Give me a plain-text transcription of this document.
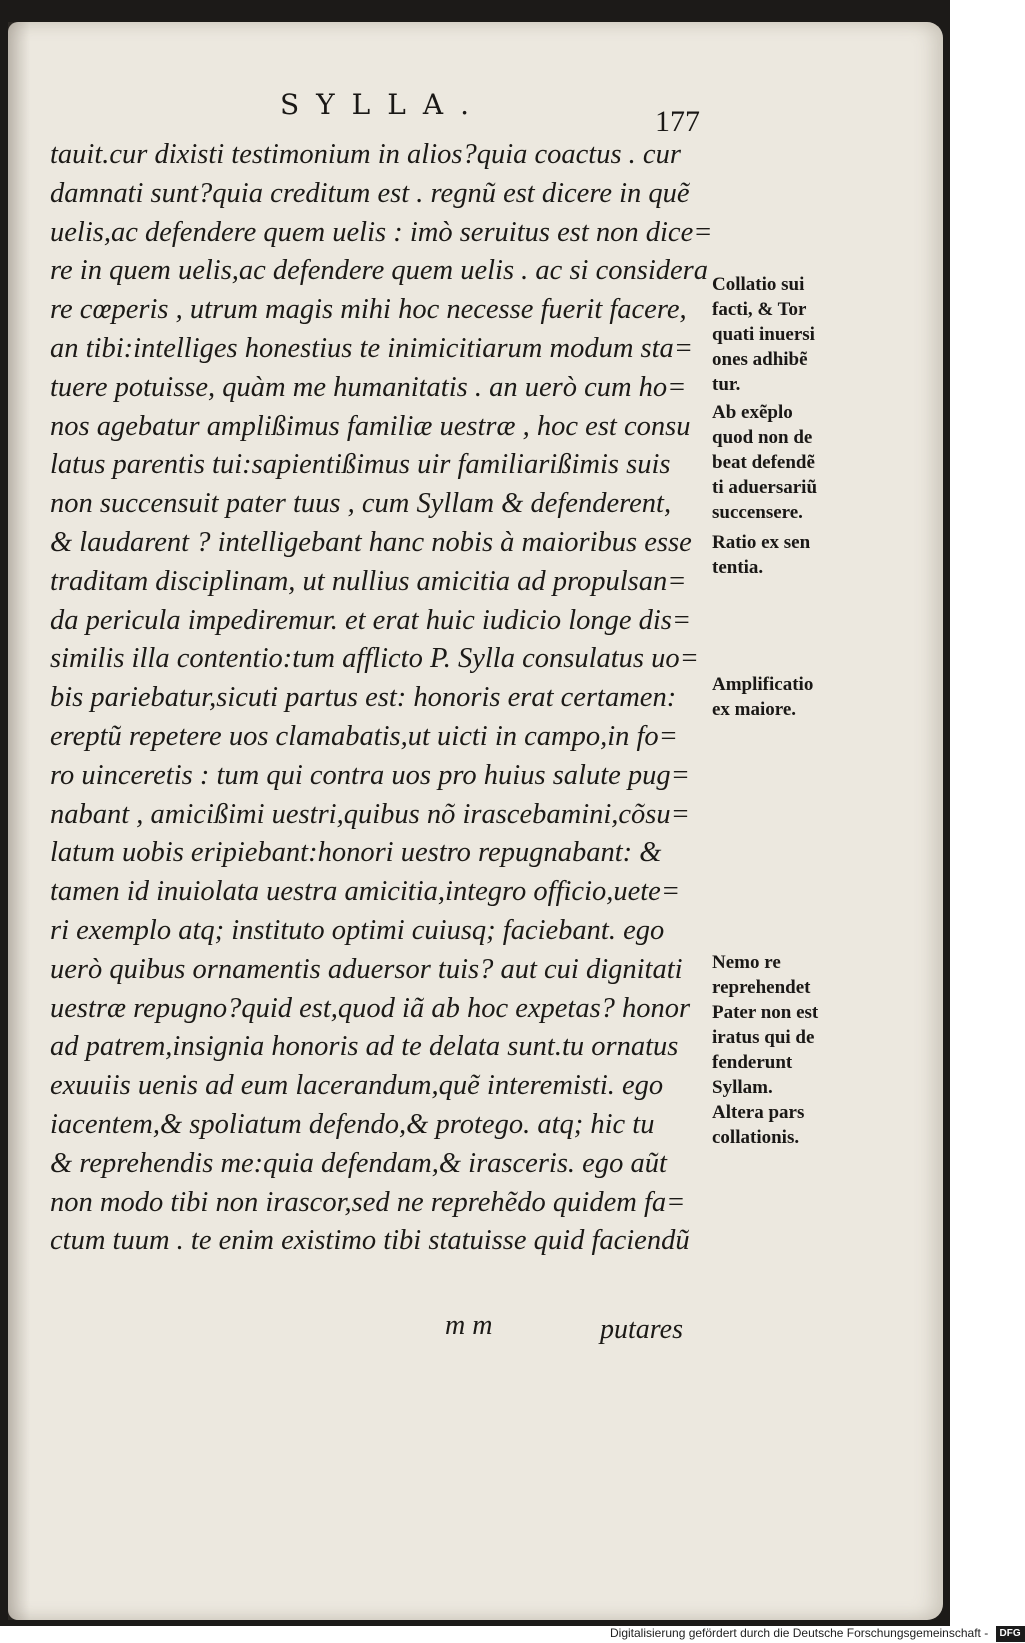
SYLLA.
177
tauit.cur dixisti testimonium in alios?quia coactus . cur
damnati sunt?quia creditum est . regnũ est dicere in quẽ
uelis,ac defendere quem uelis : imò seruitus est non dice=
re in quem uelis,ac defendere quem uelis . ac si considera
re cœperis , utrum magis mihi hoc necesse fuerit facere,
an tibi:intelliges honestius te inimicitiarum modum sta=
tuere potuisse, quàm me humanitatis . an uerò cum ho=
nos agebatur amplißimus familiæ uestræ , hoc est consu
latus parentis tui:sapientißimus uir familiarißimis suis
non succensuit pater tuus , cum Syllam & defenderent,
& laudarent ? intelligebant hanc nobis à maioribus esse
traditam disciplinam, ut nullius amicitia ad propulsan=
da pericula impediremur. et erat huic iudicio longe dis=
similis illa contentio:tum afflicto P. Sylla consulatus uo=
bis pariebatur,sicuti partus est: honoris erat certamen:
ereptũ repetere uos clamabatis,ut uicti in campo,in fo=
ro uinceretis : tum qui contra uos pro huius salute pug=
nabant , amicißimi uestri,quibus nõ irascebamini,cõsu=
latum uobis eripiebant:honori uestro repugnabant: &
tamen id inuiolata uestra amicitia,integro officio,uete=
ri exemplo atq; instituto optimi cuiusq; faciebant. ego
uerò quibus ornamentis aduersor tuis? aut cui dignitati
uestræ repugno?quid est,quod iã ab hoc expetas? honor
ad patrem,insignia honoris ad te delata sunt.tu ornatus
exuuiis uenis ad eum lacerandum,quẽ interemisti. ego
iacentem,& spoliatum defendo,& protego. atq; hic tu
& reprehendis me:quia defendam,& irasceris. ego aũt
non modo tibi non irascor,sed ne reprehẽdo quidem fa=
ctum tuum . te enim existimo tibi statuisse quid faciendũ
Collatio sui
facti, & Tor
quati inuersi
ones adhibẽ
tur.
Ab exẽplo
quod non de
beat defendẽ
ti aduersariũ
succensere.
Ratio ex sen
tentia.
Amplificatio
ex maiore.
Nemo re
reprehendet
Pater non est
iratus qui de
fenderunt
Syllam.
Altera pars
collationis.
m m	putares
Digitalisierung gefördert durch die Deutsche Forschungsgemeinschaft - DFG
